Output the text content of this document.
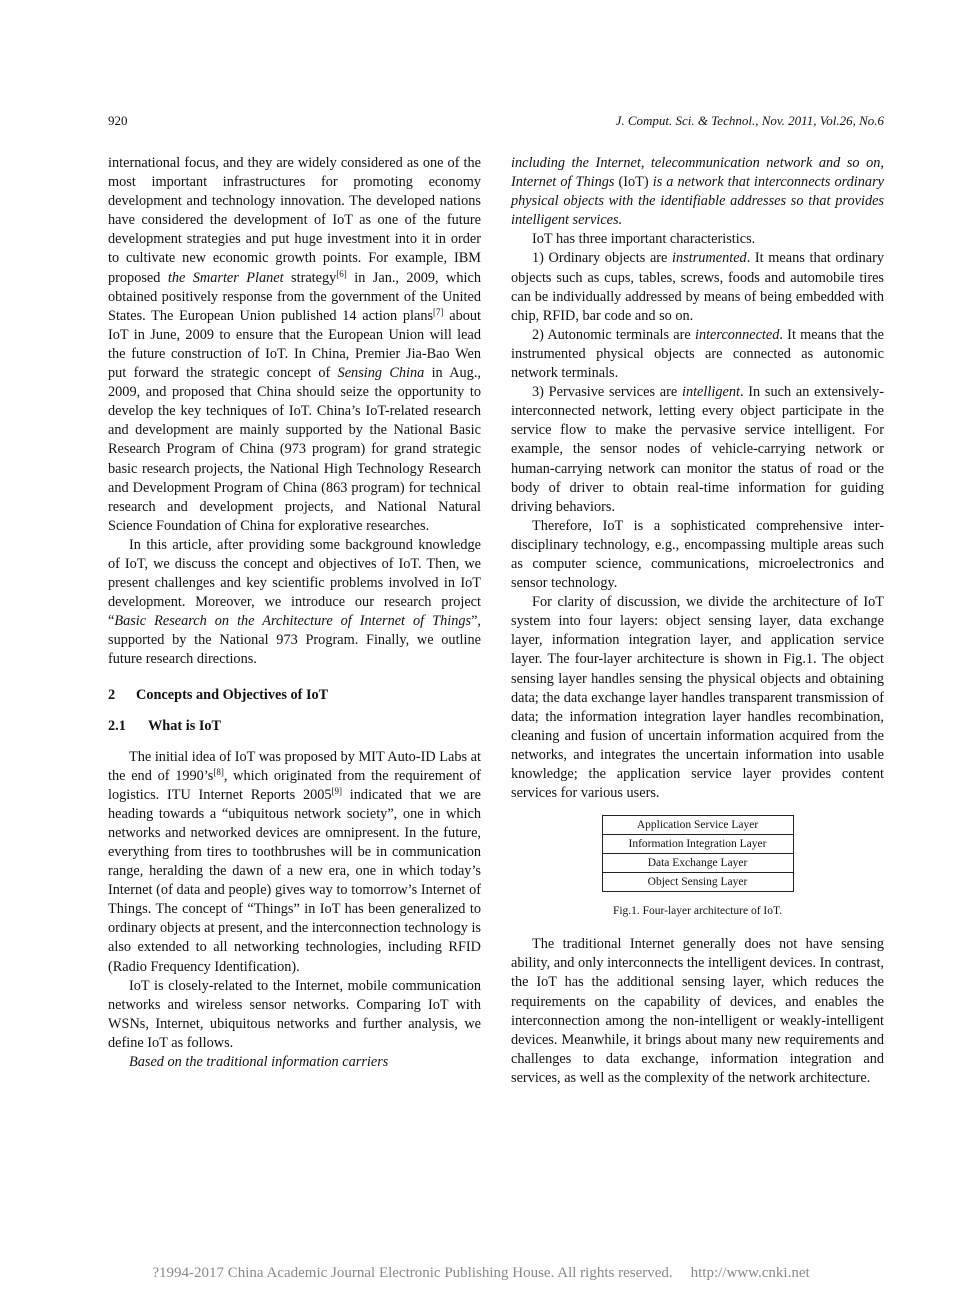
920	J. Comput. Sci. & Technol., Nov. 2011, Vol.26, No.6

international focus, and they are widely considered as one of the most important infrastructures for promoting economy development and technology innovation. The developed nations have considered the development of IoT as one of the future development strategies and put huge investment into it in order to cultivate new economic growth points. For example, IBM proposed the Smarter Planet strategy[6] in Jan., 2009, which obtained positively response from the government of the United States. The European Union published 14 action plans[7] about IoT in June, 2009 to ensure that the European Union will lead the future construction of IoT. In China, Premier Jia-Bao Wen put forward the strategic concept of Sensing China in Aug., 2009, and proposed that China should seize the opportunity to develop the key techniques of IoT. China’s IoT-related research and development are mainly supported by the National Basic Research Program of China (973 program) for grand strategic basic research projects, the National High Technology Research and Development Program of China (863 program) for technical research and development projects, and National Natural Science Foundation of China for explorative researches.

In this article, after providing some background knowledge of IoT, we discuss the concept and objectives of IoT. Then, we present challenges and key scientific problems involved in IoT development. Moreover, we introduce our research project “Basic Research on the Architecture of Internet of Things”, supported by the National 973 Program. Finally, we outline future research directions.

2 Concepts and Objectives of IoT
2.1 What is IoT

The initial idea of IoT was proposed by MIT Auto-ID Labs at the end of 1990’s[8], which originated from the requirement of logistics. ITU Internet Reports 2005[9] indicated that we are heading towards a “ubiquitous network society”, one in which networks and networked devices are omnipresent. In the future, everything from tires to toothbrushes will be in communication range, heralding the dawn of a new era, one in which today’s Internet (of data and people) gives way to tomorrow’s Internet of Things. The concept of “Things” in IoT has been generalized to ordinary objects at present, and the interconnection technology is also extended to all networking technologies, including RFID (Radio Frequency Identification).

IoT is closely-related to the Internet, mobile communication networks and wireless sensor networks. Comparing IoT with WSNs, Internet, ubiquitous networks and further analysis, we define IoT as follows.

Based on the traditional information carriers

including the Internet, telecommunication network and so on, Internet of Things (IoT) is a network that interconnects ordinary physical objects with the identifiable addresses so that provides intelligent services.

IoT has three important characteristics.

1) Ordinary objects are instrumented. It means that ordinary objects such as cups, tables, screws, foods and automobile tires can be individually addressed by means of being embedded with chip, RFID, bar code and so on.

2) Autonomic terminals are interconnected. It means that the instrumented physical objects are connected as autonomic network terminals.

3) Pervasive services are intelligent. In such an extensively-interconnected network, letting every object participate in the service flow to make the pervasive service intelligent. For example, the sensor nodes of vehicle-carrying network or human-carrying network can monitor the status of road or the body of driver to obtain real-time information for guiding driving behaviors.

Therefore, IoT is a sophisticated comprehensive inter-disciplinary technology, e.g., encompassing multiple areas such as computer science, communications, microelectronics and sensor technology.

For clarity of discussion, we divide the architecture of IoT system into four layers: object sensing layer, data exchange layer, information integration layer, and application service layer. The four-layer architecture is shown in Fig.1. The object sensing layer handles sensing the physical objects and obtaining data; the data exchange layer handles transparent transmission of data; the information integration layer handles recombination, cleaning and fusion of uncertain information acquired from the networks, and integrates the uncertain information into usable knowledge; the application service layer provides content services for various users.

Application Service Layer
Information Integration Layer
Data Exchange Layer
Object Sensing Layer
Fig.1. Four-layer architecture of IoT.

The traditional Internet generally does not have sensing ability, and only interconnects the intelligent devices. In contrast, the IoT has the additional sensing layer, which reduces the requirements on the capability of devices, and enables the interconnection among the non-intelligent or weakly-intelligent devices. Meanwhile, it brings about many new requirements and challenges to data exchange, information integration and services, as well as the complexity of the network architecture.

?1994-2017 China Academic Journal Electronic Publishing House. All rights reserved. http://www.cnki.net
